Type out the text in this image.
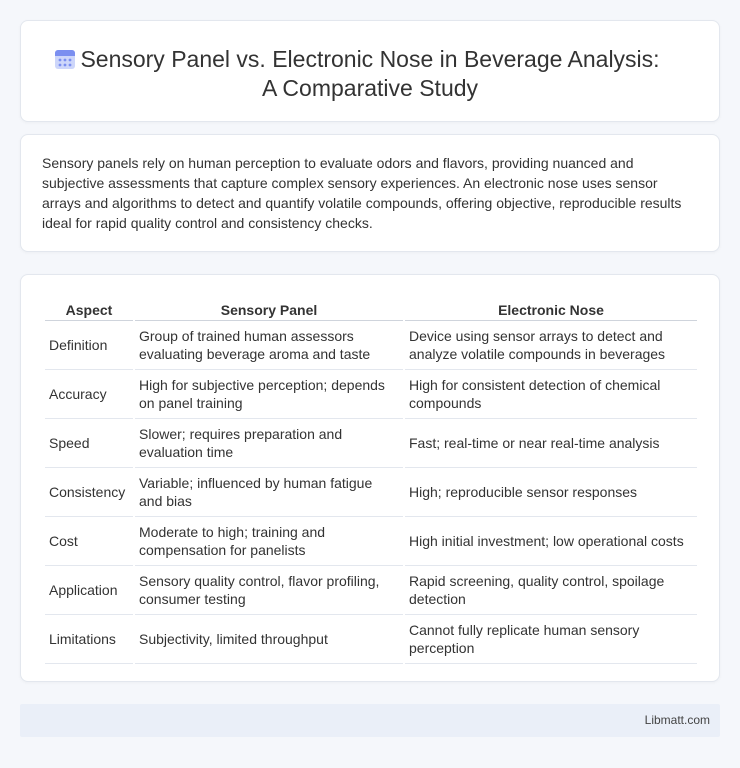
Sensory Panel vs. Electronic Nose in Beverage Analysis:
A Comparative Study

Sensory panels rely on human perception to evaluate odors and flavors, providing nuanced and subjective assessments that capture complex sensory experiences. An electronic nose uses sensor arrays and algorithms to detect and quantify volatile compounds, offering objective, reproducible results ideal for rapid quality control and consistency checks.

Aspect	Sensory Panel	Electronic Nose
Definition	Group of trained human assessors evaluating beverage aroma and taste	Device using sensor arrays to detect and analyze volatile compounds in beverages
Accuracy	High for subjective perception; depends on panel training	High for consistent detection of chemical compounds
Speed	Slower; requires preparation and evaluation time	Fast; real-time or near real-time analysis
Consistency	Variable; influenced by human fatigue and bias	High; reproducible sensor responses
Cost	Moderate to high; training and compensation for panelists	High initial investment; low operational costs
Application	Sensory quality control, flavor profiling, consumer testing	Rapid screening, quality control, spoilage detection
Limitations	Subjectivity, limited throughput	Cannot fully replicate human sensory perception
Libmatt.com
